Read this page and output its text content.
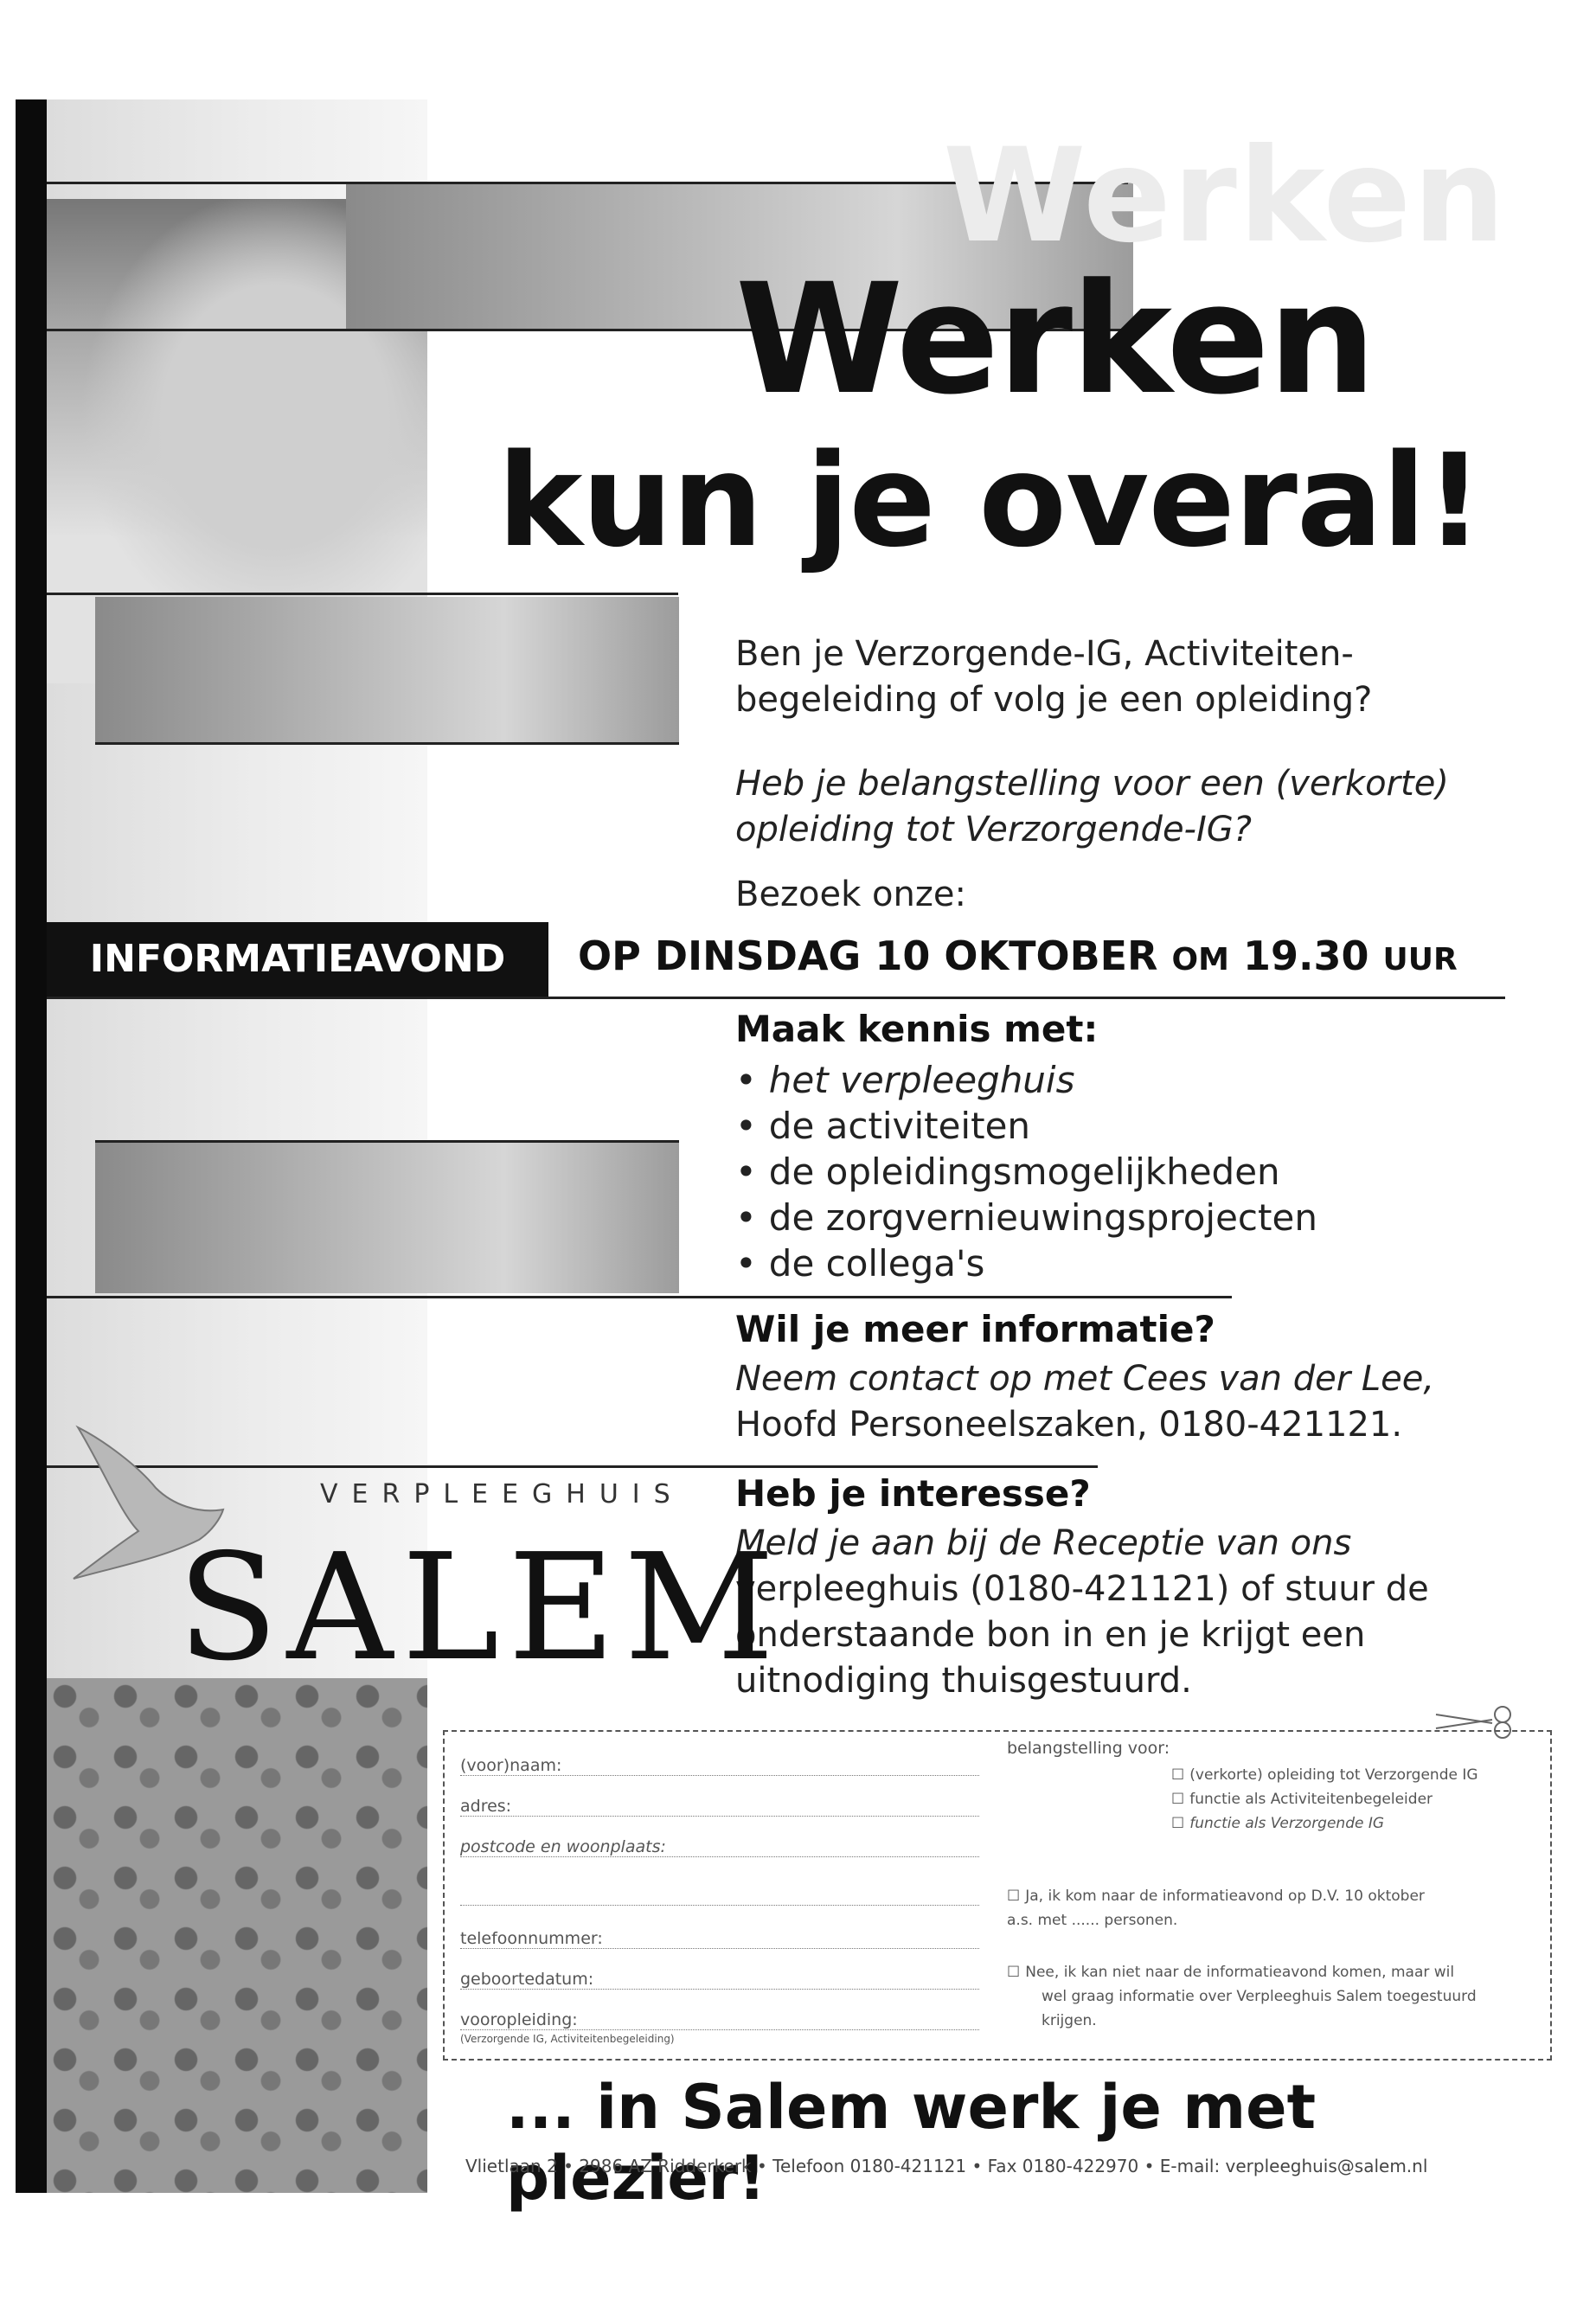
Werken
Werken
kun je overal!
Ben je Verzorgende-IG, Activiteiten-
begeleiding of volg je een opleiding?
Heb je belangstelling voor een (verkorte)
opleiding tot Verzorgende-IG?
Bezoek onze:
INFORMATIEAVOND	OP DINSDAG 10 OKTOBER OM 19.30 UUR
Maak kennis met:
• het verpleeghuis
• de activiteiten
• de opleidingsmogelijkheden
• de zorgvernieuwingsprojecten
• de collega's
Wil je meer informatie?
Neem contact op met Cees van der Lee,
Hoofd Personeelszaken, 0180-421121.
Heb je interesse?
Meld je aan bij de Receptie van ons
verpleeghuis (0180-421121) of stuur de
onderstaande bon in en je krijgt een
uitnodiging thuisgestuurd.
VERPLEEGHUIS
SALEM
(voor)naam:
adres:
postcode en woonplaats:
telefoonnummer:
geboortedatum:
vooropleiding:
(Verzorgende IG, Activiteitenbegeleiding)
belangstelling voor:
☐ (verkorte) opleiding tot Verzorgende IG
☐ functie als Activiteitenbegeleider
☐ functie als Verzorgende IG
☐ Ja, ik kom naar de informatieavond op D.V. 10 oktober
a.s. met ...... personen.
☐ Nee, ik kan niet naar de informatieavond komen, maar wil
wel graag informatie over Verpleeghuis Salem toegestuurd
krijgen.
... in Salem werk je met plezier!
Vlietlaan 2 • 2986 AZ Ridderkerk • Telefoon 0180-421121 • Fax 0180-422970 • E-mail: verpleeghuis@salem.nl
